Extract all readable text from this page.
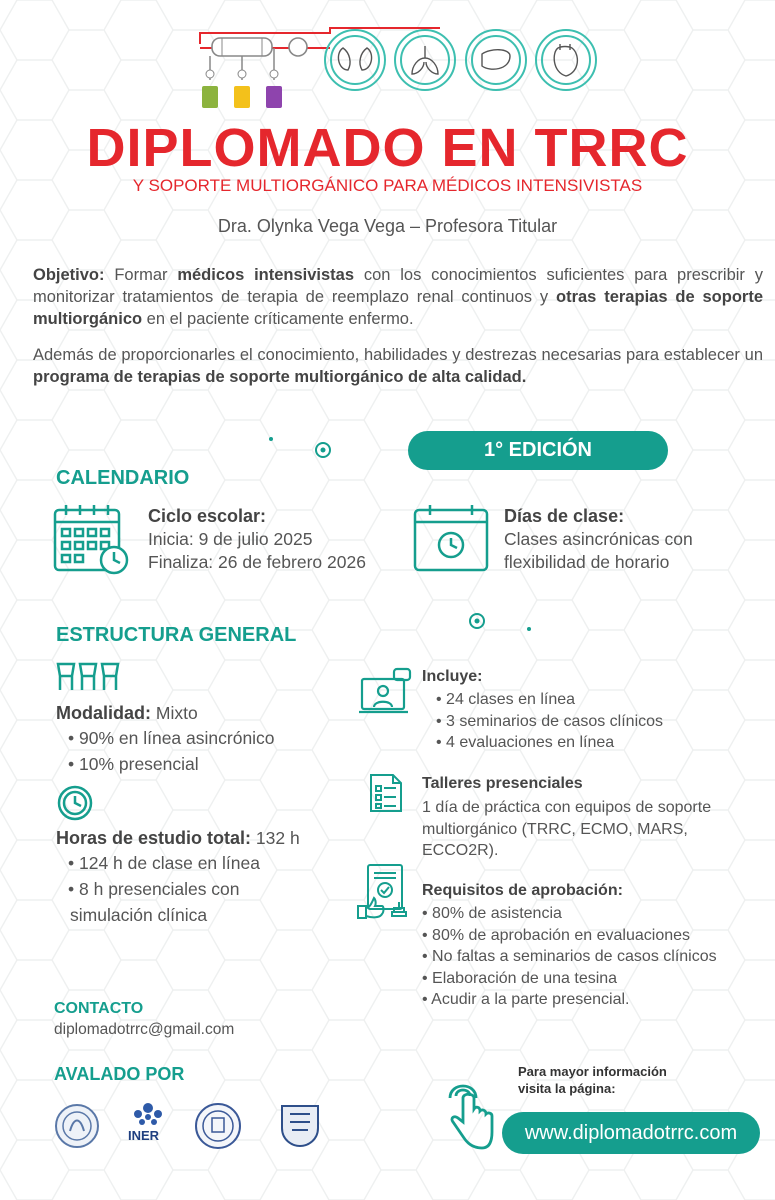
DIPLOMADO EN TRRC
Y SOPORTE MULTIORGÁNICO PARA MÉDICOS INTENSIVISTAS
Dra. Olynka Vega Vega – Profesora Titular
Objetivo: Formar médicos intensivistas con los conocimientos suficientes para prescribir y monitorizar tratamientos de terapia de reemplazo renal continuos y otras terapias de soporte multiorgánico en el paciente críticamente enfermo.
Además de proporcionarles el conocimiento, habilidades y destrezas necesarias para establecer un programa de terapias de soporte multiorgánico de alta calidad.
1° EDICIÓN
CALENDARIO
Ciclo escolar:
Inicia: 9 de julio 2025
Finaliza: 26 de febrero 2026
Días de clase:
Clases asincrónicas con
flexibilidad de horario
ESTRUCTURA GENERAL
Modalidad: Mixto
• 90% en línea asincrónico
• 10% presencial
Horas de estudio total: 132 h
• 124 h de clase en línea
• 8 h presenciales con
simulación clínica
Incluye:
• 24 clases en línea
• 3 seminarios de casos clínicos
• 4 evaluaciones en línea
Talleres presenciales
1 día de práctica con equipos de soporte
multiorgánico (TRRC, ECMO, MARS,
ECCO2R).
Requisitos de aprobación:
• 80% de asistencia
• 80% de aprobación en evaluaciones
• No faltas a seminarios de casos clínicos
• Elaboración de una tesina
• Acudir a la parte presencial.
CONTACTO
diplomadotrrc@gmail.com
AVALADO POR
INER
Para mayor información
visita la página:
www.diplomadotrrc.com
